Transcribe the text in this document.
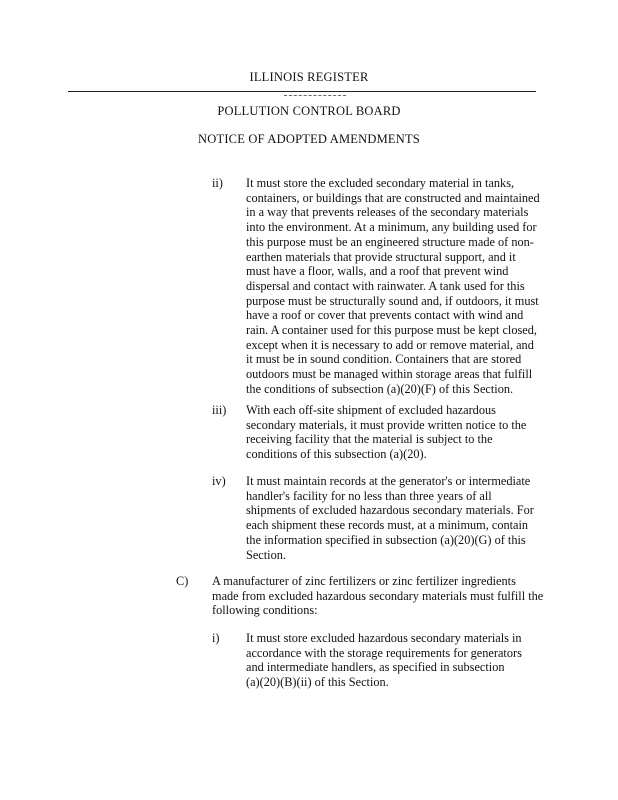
ILLINOIS REGISTER
POLLUTION CONTROL BOARD
NOTICE OF ADOPTED AMENDMENTS
ii) It must store the excluded secondary material in tanks,
containers, or buildings that are constructed and maintained
in a way that prevents releases of the secondary materials
into the environment. At a minimum, any building used for
this purpose must be an engineered structure made of non-
earthen materials that provide structural support, and it
must have a floor, walls, and a roof that prevent wind
dispersal and contact with rainwater. A tank used for this
purpose must be structurally sound and, if outdoors, it must
have a roof or cover that prevents contact with wind and
rain. A container used for this purpose must be kept closed,
except when it is necessary to add or remove material, and
it must be in sound condition. Containers that are stored
outdoors must be managed within storage areas that fulfill
the conditions of subsection (a)(20)(F) of this Section.
iii) With each off-site shipment of excluded hazardous
secondary materials, it must provide written notice to the
receiving facility that the material is subject to the
conditions of this subsection (a)(20).
iv) It must maintain records at the generator's or intermediate
handler's facility for no less than three years of all
shipments of excluded hazardous secondary materials. For
each shipment these records must, at a minimum, contain
the information specified in subsection (a)(20)(G) of this
Section.
C) A manufacturer of zinc fertilizers or zinc fertilizer ingredients
made from excluded hazardous secondary materials must fulfill the
following conditions:
i) It must store excluded hazardous secondary materials in
accordance with the storage requirements for generators
and intermediate handlers, as specified in subsection
(a)(20)(B)(ii) of this Section.
